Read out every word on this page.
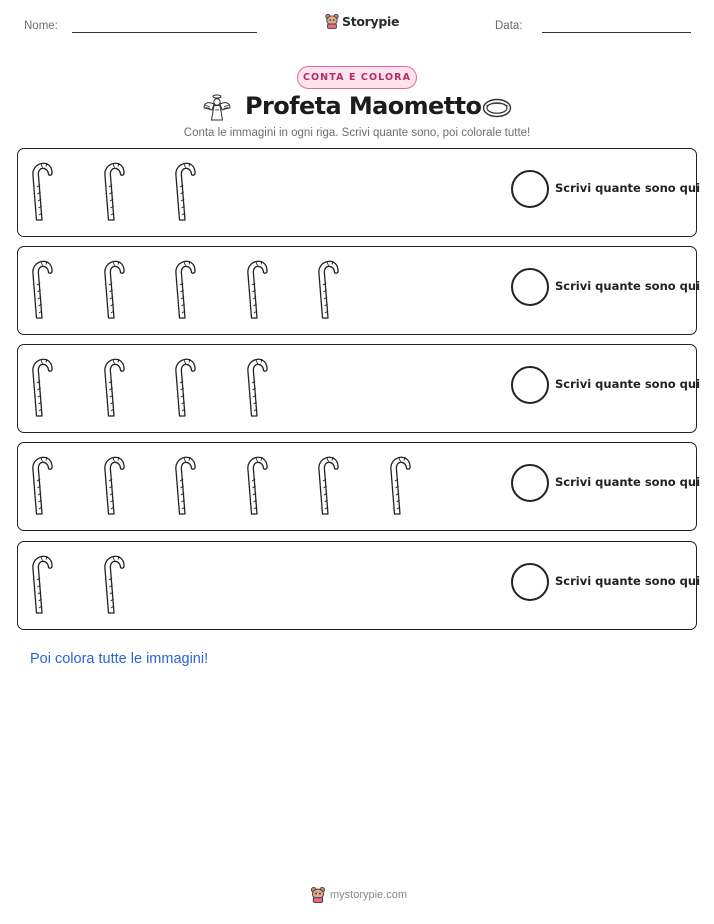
Nome:	Storypie	Data:
CONTA E COLORA
Profeta Maometto
Conta le immagini in ogni riga. Scrivi quante sono, poi colorale tutte!
Scrivi quante sono qui
Scrivi quante sono qui
Scrivi quante sono qui
Scrivi quante sono qui
Scrivi quante sono qui
Poi colora tutte le immagini!
mystorypie.com
